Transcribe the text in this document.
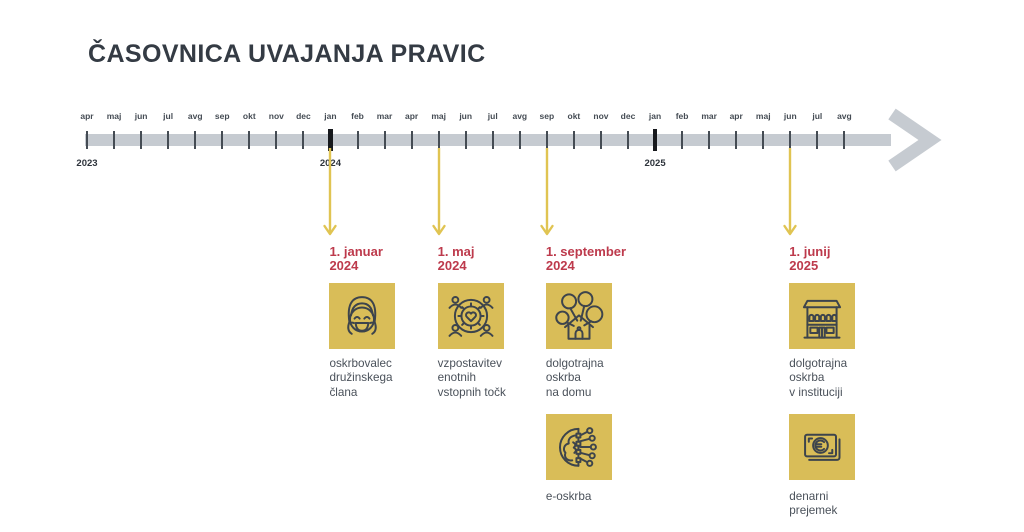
ČASOVNICA UVAJANJA PRAVIC
apr	maj	jun	jul	avg	sep	okt	nov	dec	jan	feb	mar	apr	maj	jun	jul	avg	sep	okt	nov	dec	jan	feb	mar	apr	maj	jun	jul	avg
2023	2024	2025
1. januar
2024
oskrbovalec
družinskega
člana
1. maj
2024
vzpostavitev
enotnih
vstopnih točk
1. september
2024
dolgotrajna
oskrba
na domu
e-oskrba
1. junij
2025
dolgotrajna
oskrba
v instituciji
denarni
prejemek
